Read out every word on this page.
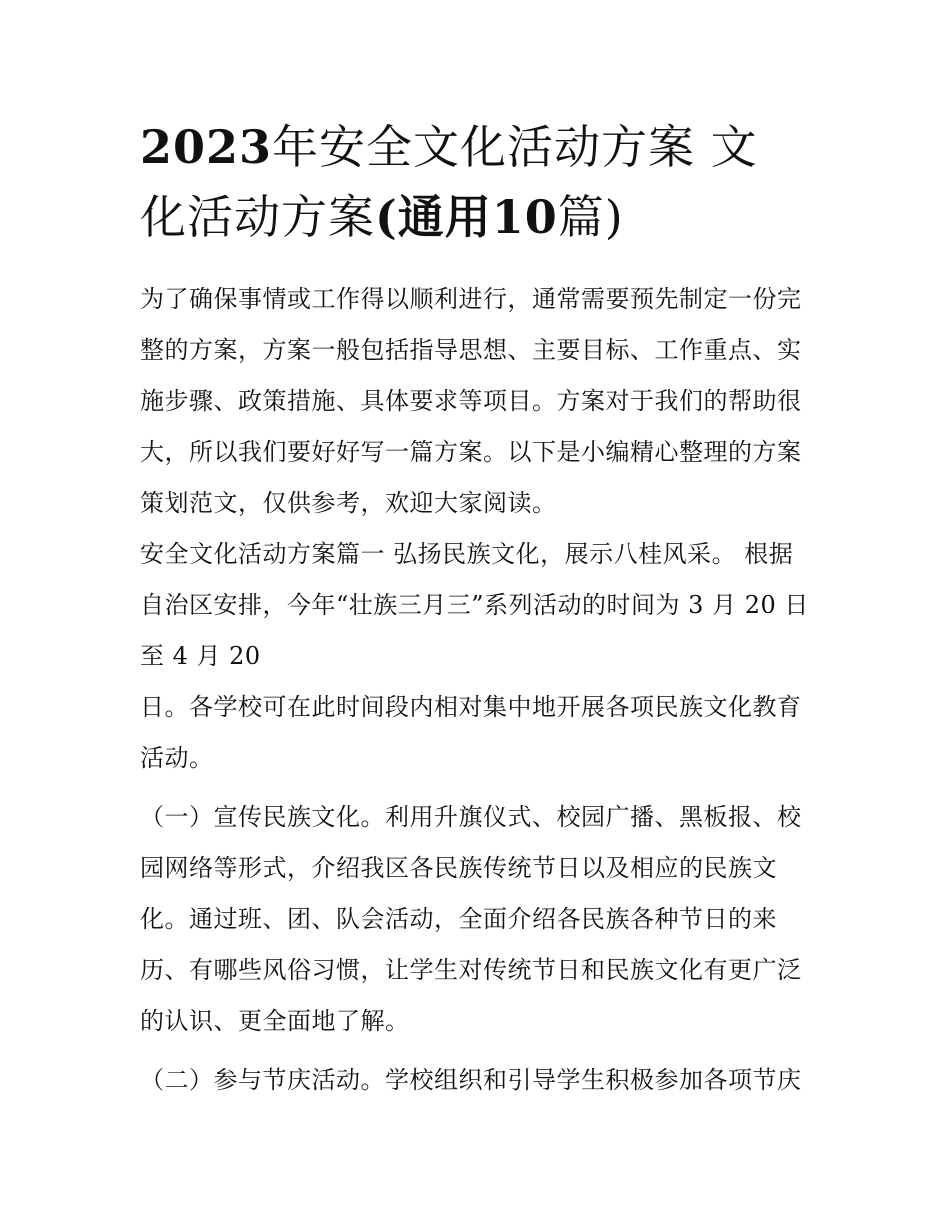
2023年安全文化活动方案 文
化活动方案(通用10篇)

为了确保事情或工作得以顺利进行，通常需要预先制定一份完
整的方案，方案一般包括指导思想、主要目标、工作重点、实
施步骤、政策措施、具体要求等项目。方案对于我们的帮助很
大，所以我们要好好写一篇方案。以下是小编精心整理的方案
策划范文，仅供参考，欢迎大家阅读。

安全文化活动方案篇一 弘扬民族文化，展示八桂风采。 根据
自治区安排，今年“壮族三月三”系列活动的时间为 3 月 20 日
至 4 月 20

日。各学校可在此时间段内相对集中地开展各项民族文化教育
活动。

（一）宣传民族文化。利用升旗仪式、校园广播、黑板报、校
园网络等形式，介绍我区各民族传统节日以及相应的民族文
化。通过班、团、队会活动，全面介绍各民族各种节日的来
历、有哪些风俗习惯，让学生对传统节日和民族文化有更广泛
的认识、更全面地了解。

（二）参与节庆活动。学校组织和引导学生积极参加各项节庆
